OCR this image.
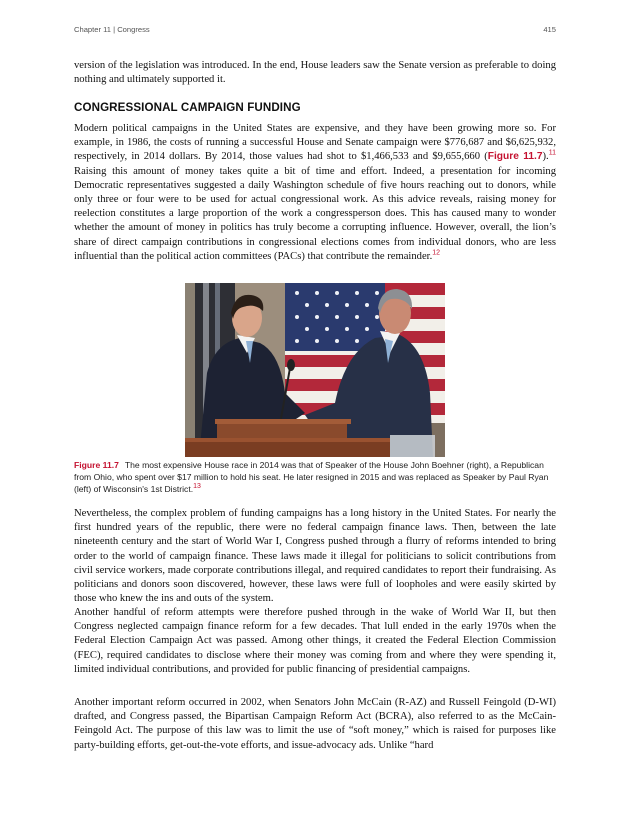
Chapter 11 | Congress	415

version of the legislation was introduced. In the end, House leaders saw the Senate version as preferable to doing nothing and ultimately supported it.

CONGRESSIONAL CAMPAIGN FUNDING

Modern political campaigns in the United States are expensive, and they have been growing more so. For example, in 1986, the costs of running a successful House and Senate campaign were $776,687 and $6,625,932, respectively, in 2014 dollars. By 2014, those values had shot to $1,466,533 and $9,655,660 (Figure 11.7).$^{11}$ Raising this amount of money takes quite a bit of time and effort. Indeed, a presentation for incoming Democratic representatives suggested a daily Washington schedule of five hours reaching out to donors, while only three or four were to be used for actual congressional work. As this advice reveals, raising money for reelection constitutes a large proportion of the work a congressperson does. This has caused many to wonder whether the amount of money in politics has truly become a corrupting influence. However, overall, the lion’s share of direct campaign contributions in congressional elections comes from individual donors, who are less influential than the political action committees (PACs) that contribute the remainder.$^{12}$

Figure 11.7 The most expensive House race in 2014 was that of Speaker of the House John Boehner (right), a Republican from Ohio, who spent over $17 million to hold his seat. He later resigned in 2015 and was replaced as Speaker by Paul Ryan (left) of Wisconsin's 1st District.$^{13}$

Nevertheless, the complex problem of funding campaigns has a long history in the United States. For nearly the first hundred years of the republic, there were no federal campaign finance laws. Then, between the late nineteenth century and the start of World War I, Congress pushed through a flurry of reforms intended to bring order to the world of campaign finance. These laws made it illegal for politicians to solicit contributions from civil service workers, made corporate contributions illegal, and required candidates to report their fundraising. As politicians and donors soon discovered, however, these laws were full of loopholes and were easily skirted by those who knew the ins and outs of the system.

Another handful of reform attempts were therefore pushed through in the wake of World War II, but then Congress neglected campaign finance reform for a few decades. That lull ended in the early 1970s when the Federal Election Campaign Act was passed. Among other things, it created the Federal Election Commission (FEC), required candidates to disclose where their money was coming from and where they were spending it, limited individual contributions, and provided for public financing of presidential campaigns.

Another important reform occurred in 2002, when Senators John McCain (R-AZ) and Russell Feingold (D-WI) drafted, and Congress passed, the Bipartisan Campaign Reform Act (BCRA), also referred to as the McCain-Feingold Act. The purpose of this law was to limit the use of “soft money,” which is raised for purposes like party-building efforts, get-out-the-vote efforts, and issue-advocacy ads. Unlike “hard
